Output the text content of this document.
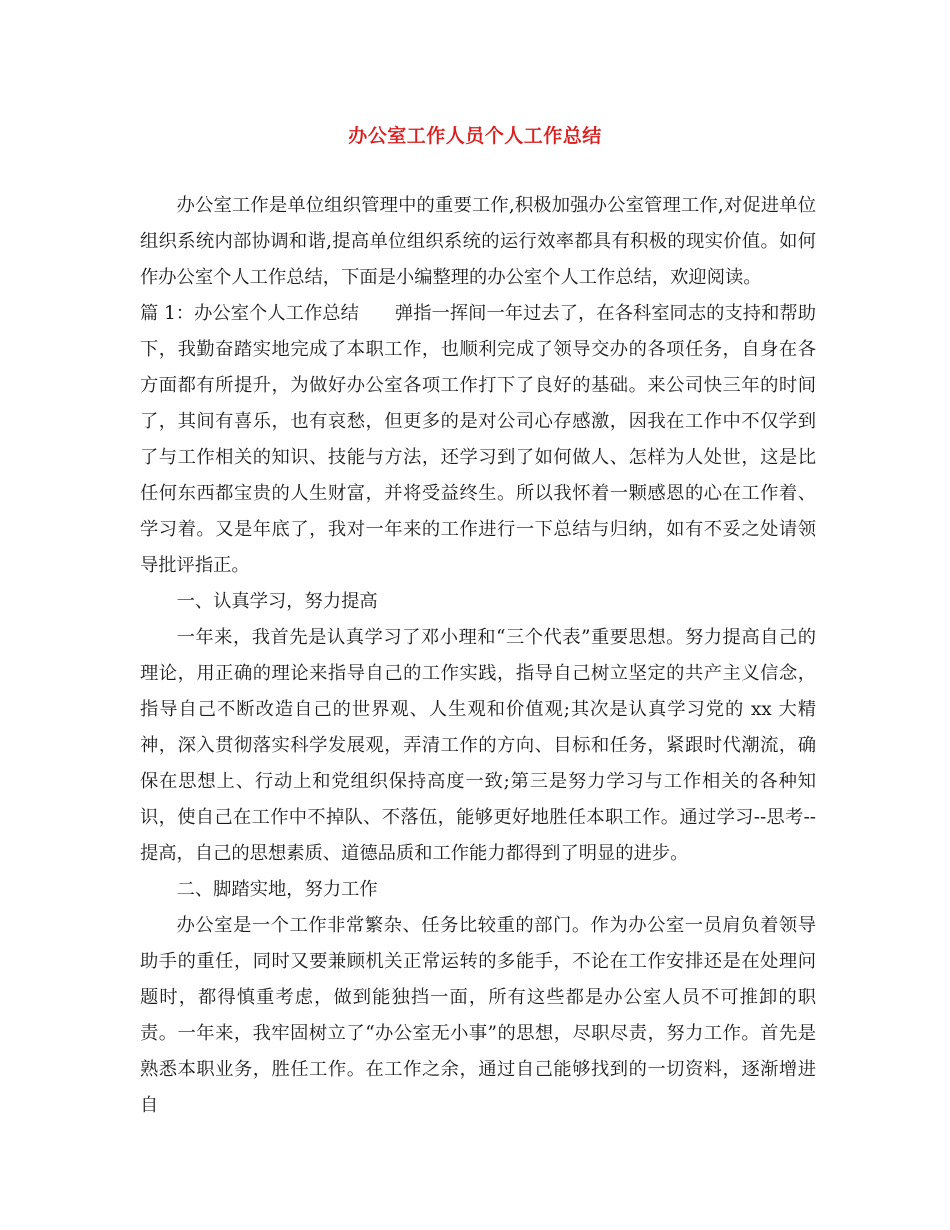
办公室工作人员个人工作总结

办公室工作是单位组织管理中的重要工作,积极加强办公室管理工作,对促进单位组织系统内部协调和谐,提高单位组织系统的运行效率都具有积极的现实价值。如何作办公室个人工作总结，下面是小编整理的办公室个人工作总结，欢迎阅读。

篇 1：办公室个人工作总结 弹指一挥间一年过去了，在各科室同志的支持和帮助下，我勤奋踏实地完成了本职工作，也顺利完成了领导交办的各项任务，自身在各方面都有所提升，为做好办公室各项工作打下了良好的基础。来公司快三年的时间了，其间有喜乐，也有哀愁，但更多的是对公司心存感激，因我在工作中不仅学到了与工作相关的知识、技能与方法，还学习到了如何做人、怎样为人处世，这是比任何东西都宝贵的人生财富，并将受益终生。所以我怀着一颗感恩的心在工作着、学习着。又是年底了，我对一年来的工作进行一下总结与归纳，如有不妥之处请领导批评指正。

一、认真学习，努力提高

一年来，我首先是认真学习了邓小理和“三个代表”重要思想。努力提高自己的理论，用正确的理论来指导自己的工作实践，指导自己树立坚定的共产主义信念，指导自己不断改造自己的世界观、人生观和价值观;其次是认真学习党的 xx 大精神，深入贯彻落实科学发展观，弄清工作的方向、目标和任务，紧跟时代潮流，确保在思想上、行动上和党组织保持高度一致;第三是努力学习与工作相关的各种知识，使自己在工作中不掉队、不落伍，能够更好地胜任本职工作。通过学习--思考--提高，自己的思想素质、道德品质和工作能力都得到了明显的进步。

二、脚踏实地，努力工作

办公室是一个工作非常繁杂、任务比较重的部门。作为办公室一员肩负着领导助手的重任，同时又要兼顾机关正常运转的多能手，不论在工作安排还是在处理问题时，都得慎重考虑，做到能独挡一面，所有这些都是办公室人员不可推卸的职责。一年来，我牢固树立了“办公室无小事”的思想，尽职尽责，努力工作。首先是熟悉本职业务，胜任工作。在工作之余，通过自己能够找到的一切资料，逐渐增进自
